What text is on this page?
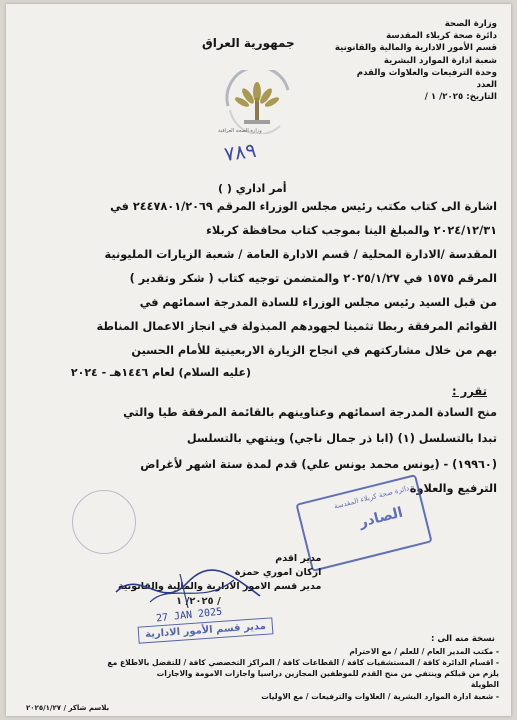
وزارة الصحة
دائرة صحة كربلاء المقدسة
قسم الأمور الادارية والمالية والقانونية
شعبة ادارة الموارد البشرية
وحدة الترفيعات والعلاوات والقدم
العدد
التاريخ: ٢٠٢٥/ ١ /
جمهورية العراق
وزارة الصحة العراقية
٧٨٩
أمر اداري ( )
اشارة الى كتاب مكتب رئيس مجلس الوزراء المرقم ٢٤٤٧٨٠١/٢٠٦٩ في
٢٠٢٤/١٢/٣١ والمبلغ الينا بموجب كتاب محافظة كربلاء
المقدسة /الادارة المحلية / قسم الادارة العامة / شعبة الزيارات المليونية
المرقم ١٥٧٥ في ٢٠٢٥/١/٢٧ والمتضمن توجيه كتاب ( شكر وتقدير )
من قبل السيد رئيس مجلس الوزراء للسادة المدرجة اسمائهم في
القوائم المرفقة ربطا تثمينا لجهودهم المبذولة في انجاز الاعمال المناطة
بهم من خلال مشاركتهم في انجاح الزيارة الاربعينية للأمام الحسين
(عليه السلام) لعام ١٤٤٦هـ - ٢٠٢٤
تقرر :
منح السادة المدرجة اسمائهم وعناوينهم بالقائمة المرفقة طيا والتي
تبدا بالتسلسل (١) (ابا ذر جمال ناجي) وينتهي بالتسلسل
(١٩٩٦٠) - (يونس محمد يونس علي) قدم لمدة ستة اشهر لأغراض
الترفيع والعلاوة
دائرة صحة كربلاء المقدسة
الصادر
مدير اقدم
اركان اموري حمزة
مدير قسم الامور الادارية والمالية والقانونية
٢٠٢٥/ ١ /
27 JAN 2025
مدير قسم الأمور الادارية	نسخة منه الى :
- مكتب المدير العام / للعلم / مع الاحترام
- اقسام الدائرة كافة / المستشفيات كافة / القطاعات كافة / المراكز التخصصي كافة / للتفضل بالاطلاع مع
يلزم من قبلكم وينتفي من منح القدم للموظفين المجازين دراسيا واجازات الامومة والاجازات
الطويلة
- شعبة ادارة الموارد البشرية / العلاوات والترفيعات / مع الاوليات
بلاسم شاكر / ٢٠٢٥/١/٢٧
